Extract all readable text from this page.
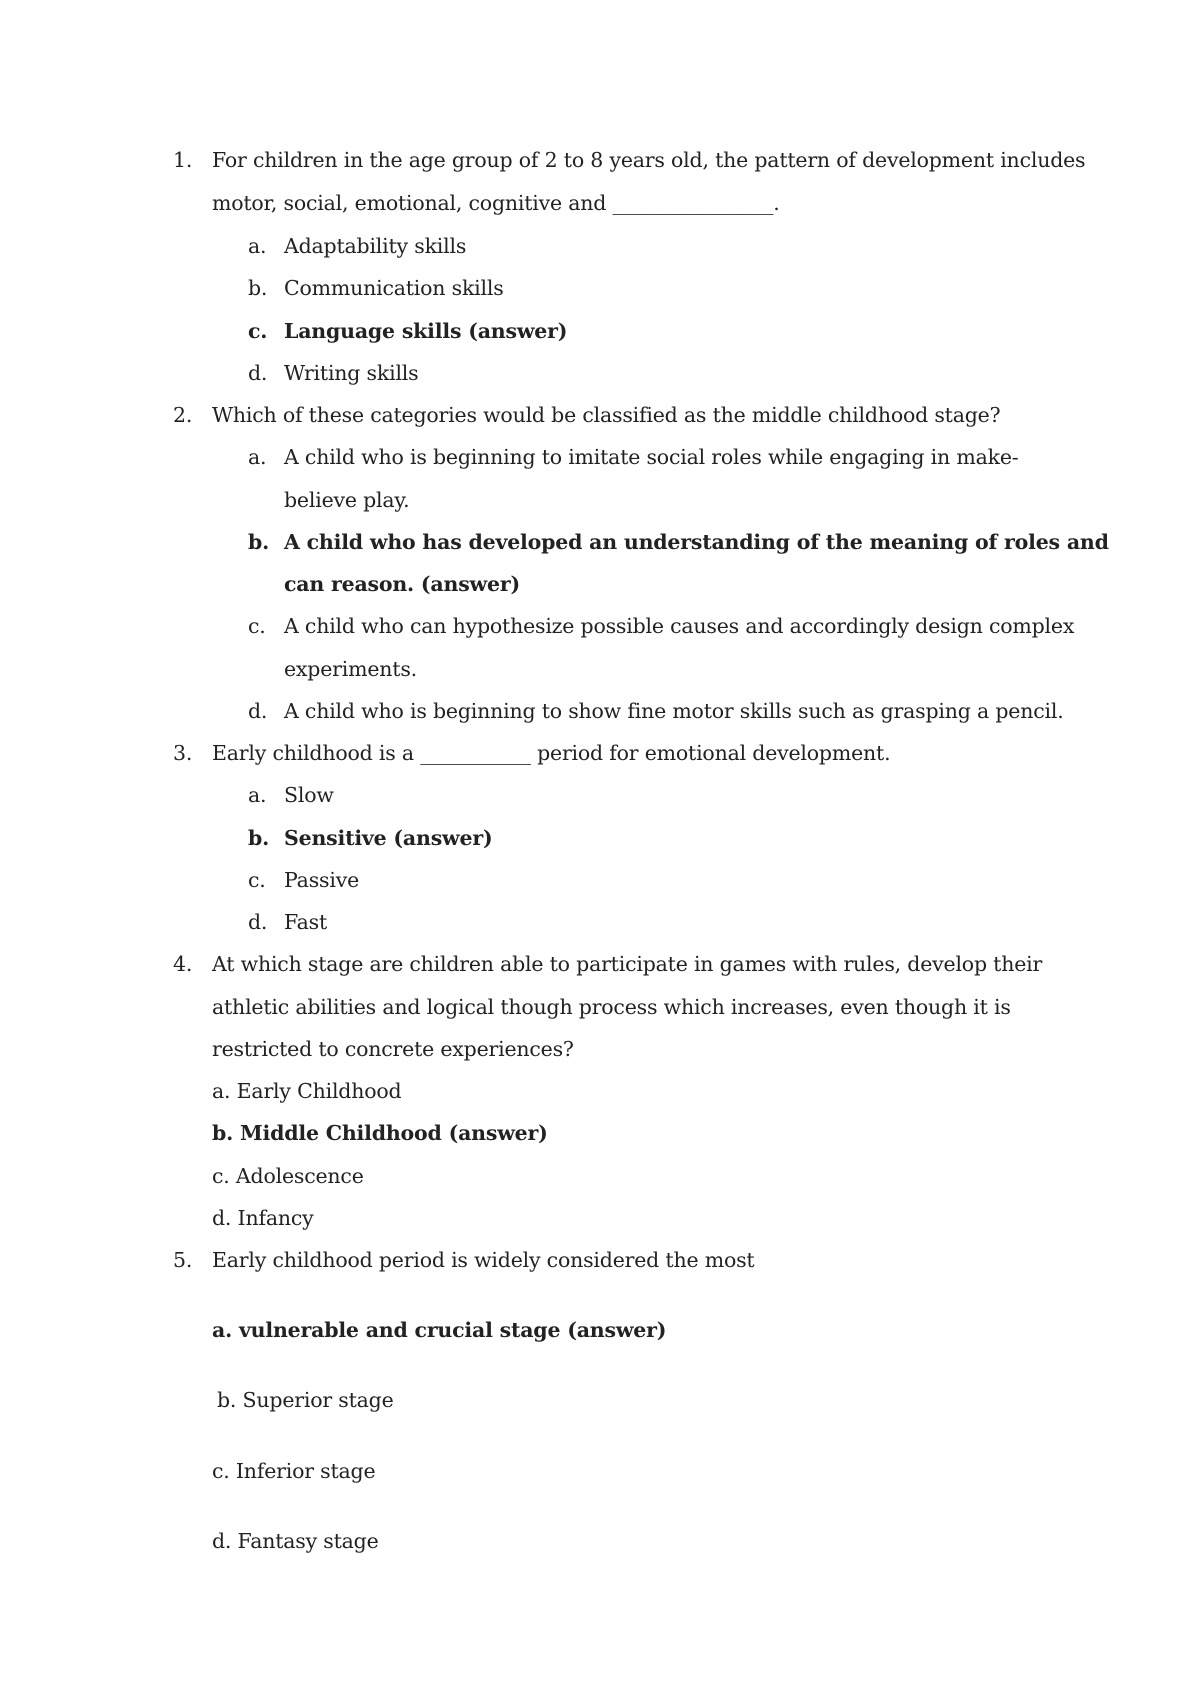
1. For children in the age group of 2 to 8 years old, the pattern of development includes
motor, social, emotional, cognitive and ________________.
a. Adaptability skills
b. Communication skills
c. Language skills (answer)
d. Writing skills
2. Which of these categories would be classified as the middle childhood stage?
a. A child who is beginning to imitate social roles while engaging in make-
believe play.
b. A child who has developed an understanding of the meaning of roles and
can reason. (answer)
c. A child who can hypothesize possible causes and accordingly design complex
experiments.
d. A child who is beginning to show fine motor skills such as grasping a pencil.
3. Early childhood is a ___________ period for emotional development.
a. Slow
b. Sensitive (answer)
c. Passive
d. Fast
4. At which stage are children able to participate in games with rules, develop their
athletic abilities and logical though process which increases, even though it is
restricted to concrete experiences?
a. Early Childhood
b. Middle Childhood (answer)
c. Adolescence
d. Infancy
5. Early childhood period is widely considered the most
a. vulnerable and crucial stage (answer)
b. Superior stage
c. Inferior stage
d. Fantasy stage
